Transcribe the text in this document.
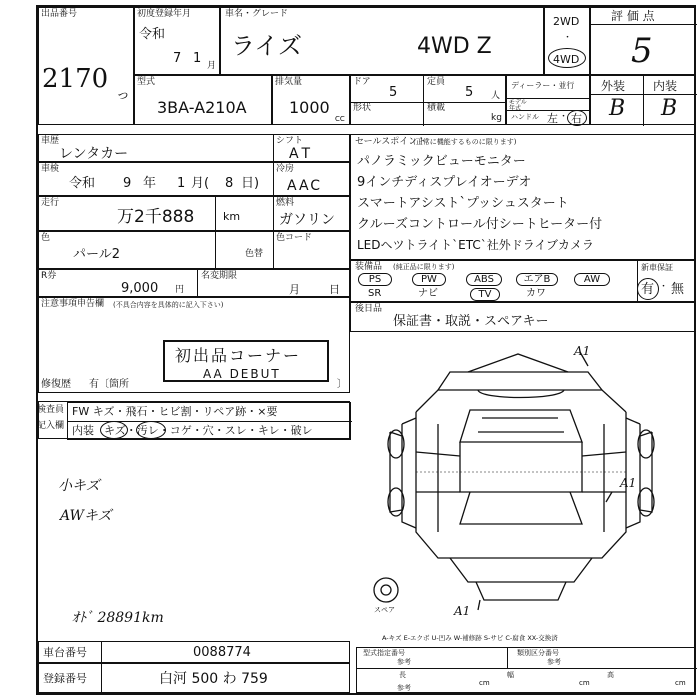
出品番号
2170
っ
初度登録年月
令和
7 1 月
車名・グレード
ライズ	4WD Z
2WD
・
4WD
評 価 点
5
型式
3BA-A210A
排気量
1000
CC
ドア
5
定員
5 人
形状	積載
kg
ディーラー・並行
モデル年式
ハンドル 左 ・ 右
外装 内装
B B
車歴
レンタカー
シフト
AT
車検
令和 9 年 1 月( 8 日)
冷房
AAC
走行
万2千888	km
燃料
ガソリン
色
パール2	色替
色コード
R券
9,000 円
名変期限
月	日
注意事項申告欄 (不具合内容を具体的に記入下さい)
初出品コーナー
AA DEBUT
修復歴 有〔箇所	〕
検査員
記入欄
FW キズ・飛石・ヒビ割・リペア跡・×要
内装 キズ・汚レ・コゲ・穴・スレ・キレ・破レ
小キズ
AWキズ
ｵﾄﾞ 28891km
セールスポイント
(正常に機能するものに限ります)
パノラミックビューモニター
9インチディスプレイオーデオ
スマートアシスト`プッシュスタート
クルーズコントロール付シートヒーター付
LEDヘツトライト`ETC`社外ドライブカメラ
装備品 (純正品に限ります)	新車保証
有 ・ 無
PS	PW	ABS	エアB	AW
SR	ナビ	TV	カワ
後日品
保証書・取説・スペアキー
A1
A1
A1
スペア
A-キズ E-エクボ U-凹み W-補修跡 S-サビ C-腐食 XX-交換済
車台番号	0088774
登録番号	白河 500 わ 759
型式指定番号
参考
類別区分番号
参考
長
cm
幅
cm
高
cm
参考
